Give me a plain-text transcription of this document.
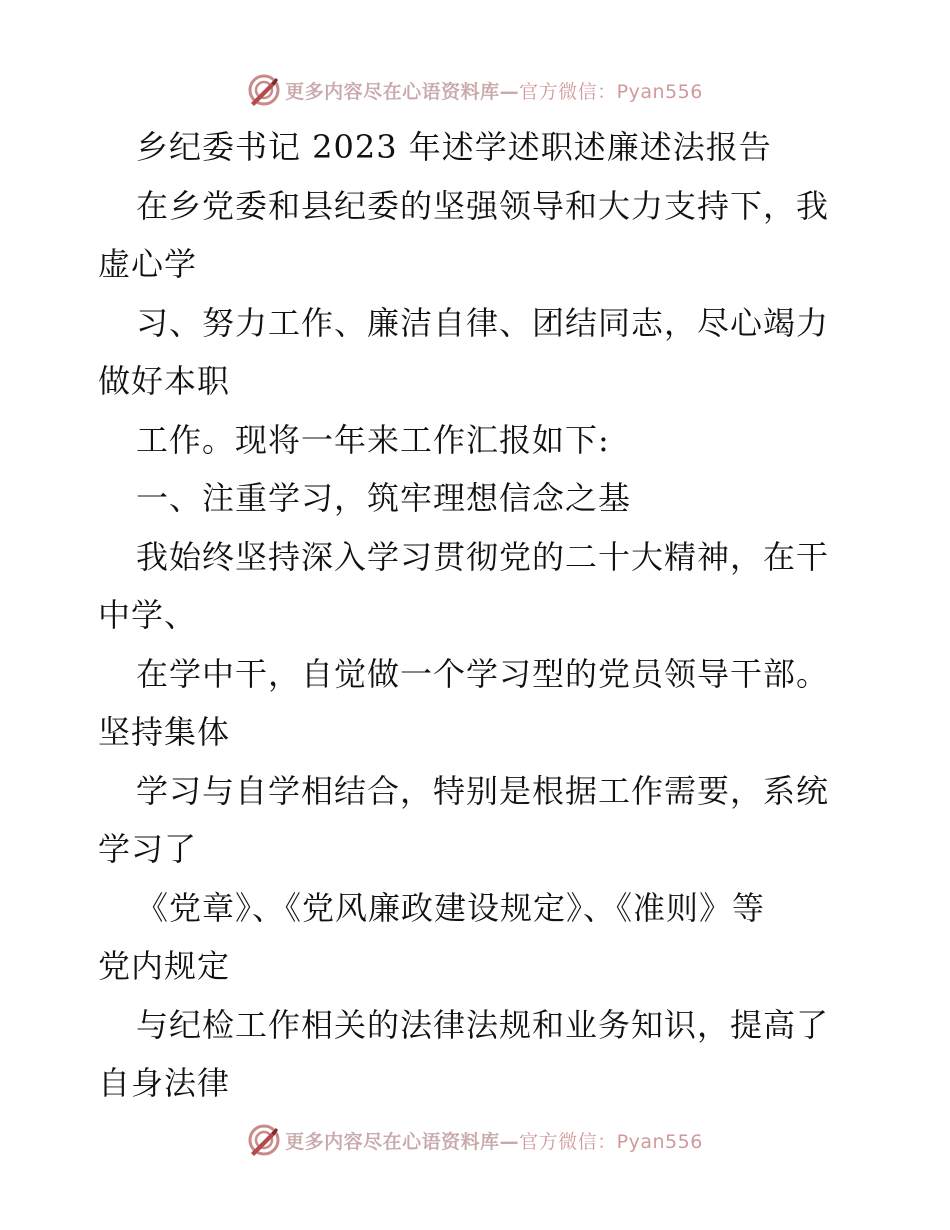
更多内容尽在心语资料库— 官方微信：Pyan556
乡纪委书记 2023 年述学述职述廉述法报告
在乡党委和县纪委的坚强领导和大力支持下，我
虚心学
习、努力工作、廉洁自律、团结同志，尽心竭力
做好本职
工作。现将一年来工作汇报如下:
一、注重学习，筑牢理想信念之基
我始终坚持深入学习贯彻党的二十大精神，在干
中学、
在学中干，自觉做一个学习型的党员领导干部。
坚持集体
学习与自学相结合，特别是根据工作需要，系统
学习了
《党章》、《党风廉政建设规定》、《准则》等
党内规定
与纪检工作相关的法律法规和业务知识，提高了
自身法律
更多内容尽在心语资料库— 官方微信：Pyan556
